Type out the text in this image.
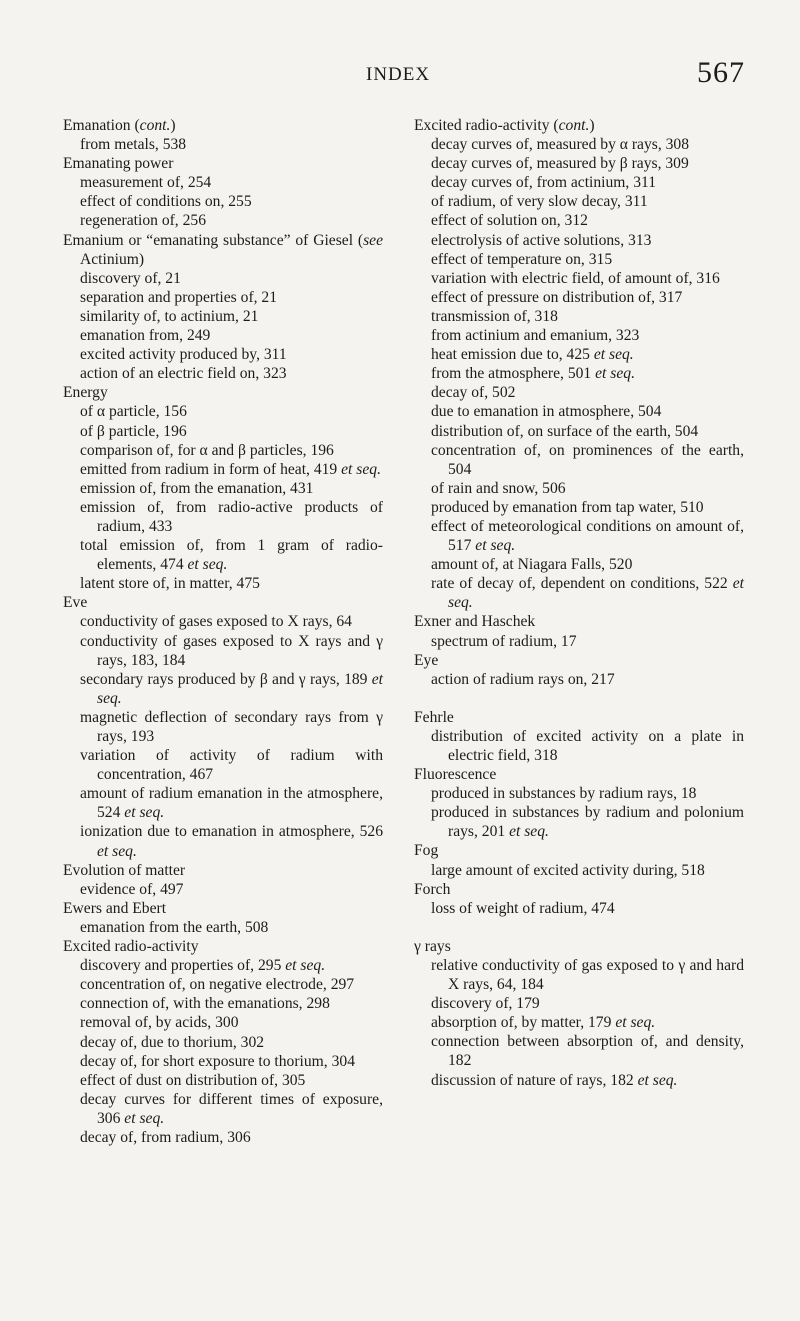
INDEX	567
Emanation (cont.)
from metals, 538
Emanating power
measurement of, 254
effect of conditions on, 255
regeneration of, 256
Emanium or “emanating substance” of Giesel (see Actinium)
discovery of, 21
separation and properties of, 21
similarity of, to actinium, 21
emanation from, 249
excited activity produced by, 311
action of an electric field on, 323
Energy
of α particle, 156
of β particle, 196
comparison of, for α and β particles, 196
emitted from radium in form of heat, 419 et seq.
emission of, from the emanation, 431
emission of, from radio-active products of radium, 433
total emission of, from 1 gram of radio-elements, 474 et seq.
latent store of, in matter, 475
Eve
conductivity of gases exposed to X rays, 64
conductivity of gases exposed to X rays and γ rays, 183, 184
secondary rays produced by β and γ rays, 189 et seq.
magnetic deflection of secondary rays from γ rays, 193
variation of activity of radium with concentration, 467
amount of radium emanation in the atmosphere, 524 et seq.
ionization due to emanation in atmosphere, 526 et seq.
Evolution of matter
evidence of, 497
Ewers and Ebert
emanation from the earth, 508
Excited radio-activity
discovery and properties of, 295 et seq.
concentration of, on negative electrode, 297
connection of, with the emanations, 298
removal of, by acids, 300
decay of, due to thorium, 302
decay of, for short exposure to thorium, 304
effect of dust on distribution of, 305
decay curves for different times of exposure, 306 et seq.
decay of, from radium, 306
Excited radio-activity (cont.)
decay curves of, measured by α rays, 308
decay curves of, measured by β rays, 309
decay curves of, from actinium, 311
of radium, of very slow decay, 311
effect of solution on, 312
electrolysis of active solutions, 313
effect of temperature on, 315
variation with electric field, of amount of, 316
effect of pressure on distribution of, 317
transmission of, 318
from actinium and emanium, 323
heat emission due to, 425 et seq.
from the atmosphere, 501 et seq.
decay of, 502
due to emanation in atmosphere, 504
distribution of, on surface of the earth, 504
concentration of, on prominences of the earth, 504
of rain and snow, 506
produced by emanation from tap water, 510
effect of meteorological conditions on amount of, 517 et seq.
amount of, at Niagara Falls, 520
rate of decay of, dependent on conditions, 522 et seq.
Exner and Haschek
spectrum of radium, 17
Eye
action of radium rays on, 217
Fehrle
distribution of excited activity on a plate in electric field, 318
Fluorescence
produced in substances by radium rays, 18
produced in substances by radium and polonium rays, 201 et seq.
Fog
large amount of excited activity during, 518
Forch
loss of weight of radium, 474
γ rays
relative conductivity of gas exposed to γ and hard X rays, 64, 184
discovery of, 179
absorption of, by matter, 179 et seq.
connection between absorption of, and density, 182
discussion of nature of rays, 182 et seq.
